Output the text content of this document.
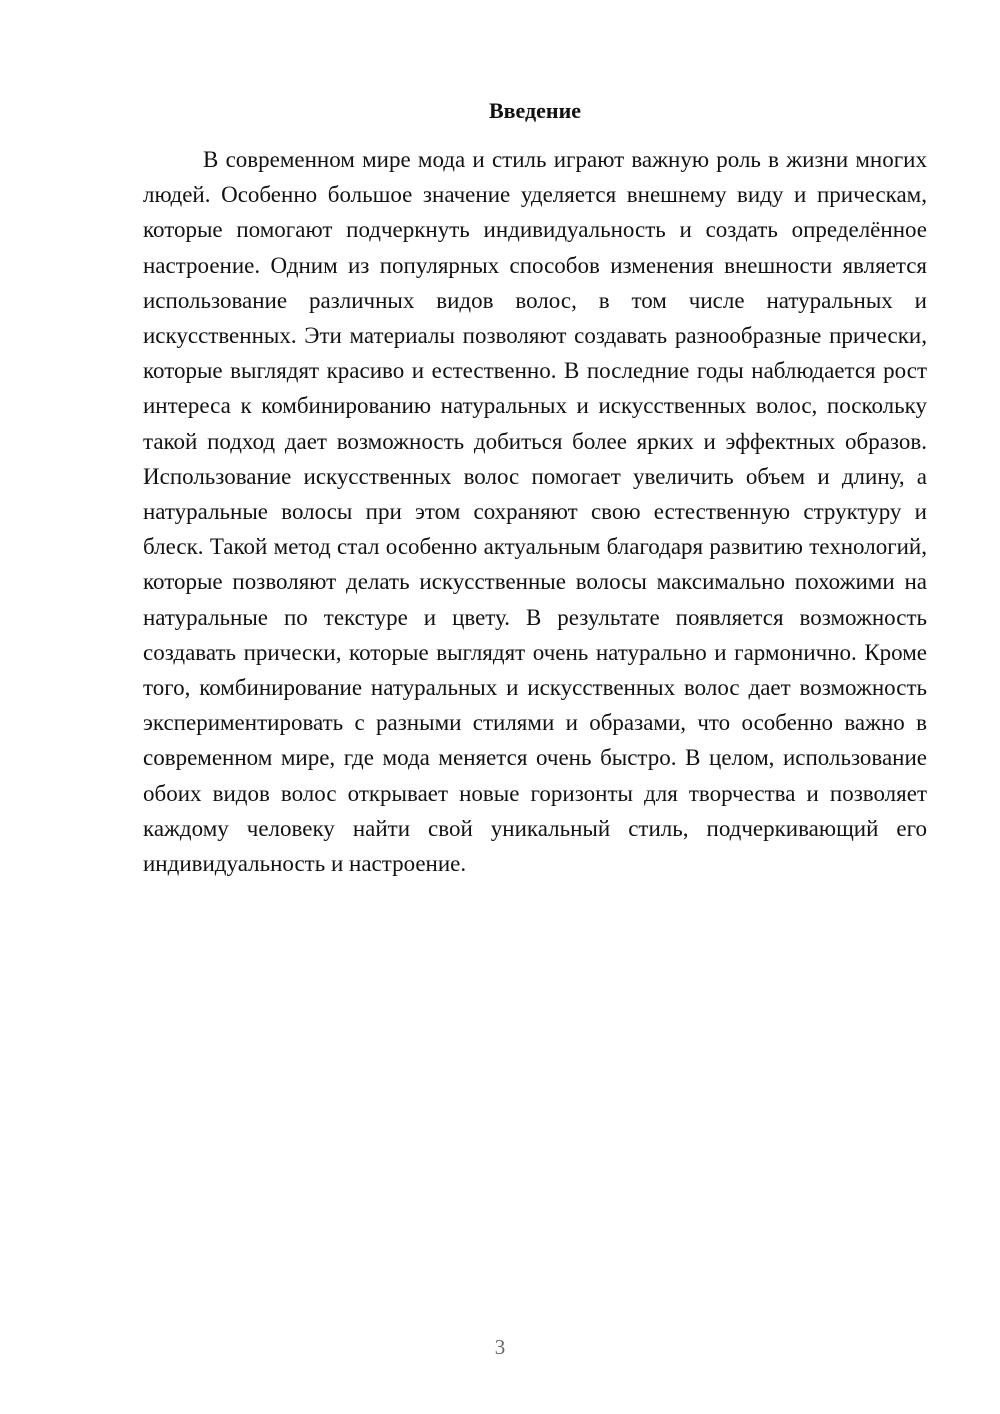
Введение

В современном мире мода и стиль играют важную роль в жизни многих людей. Особенно большое значение уделяется внешнему виду и прическам, которые помогают подчеркнуть индивидуальность и создать определённое настроение. Одним из популярных способов изменения внешности является использование различных видов волос, в том числе натуральных и искусственных. Эти материалы позволяют создавать разнообразные прически, которые выглядят красиво и естественно. В последние годы наблюдается рост интереса к комбинированию натуральных и искусственных волос, поскольку такой подход дает возможность добиться более ярких и эффектных образов. Использование искусственных волос помогает увеличить объем и длину, а натуральные волосы при этом сохраняют свою естественную структуру и блеск. Такой метод стал особенно актуальным благодаря развитию технологий, которые позволяют делать искусственные волосы максимально похожими на натуральные по текстуре и цвету. В результате появляется возможность создавать прически, которые выглядят очень натурально и гармонично. Кроме того, комбинирование натуральных и искусственных волос дает возможность экспериментировать с разными стилями и образами, что особенно важно в современном мире, где мода меняется очень быстро. В целом, использование обоих видов волос открывает новые горизонты для творчества и позволяет каждому человеку найти свой уникальный стиль, подчеркивающий его индивидуальность и настроение.

3
